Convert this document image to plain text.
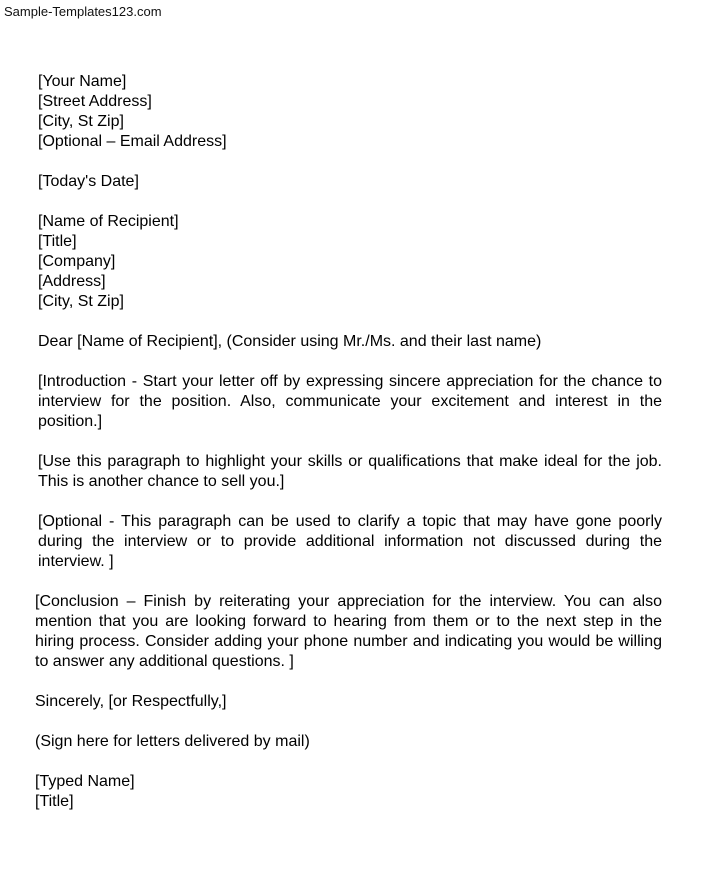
Sample-Templates123.com
[Your Name]
[Street Address]
[City, St Zip]
[Optional – Email Address]
[Today's Date]
[Name of Recipient]
[Title]
[Company]
[Address]
[City, St Zip]
Dear [Name of Recipient], (Consider using Mr./Ms. and their last name)

[Introduction - Start your letter off by expressing sincere appreciation for the chance to interview for the position. Also, communicate your excitement and interest in the position.]

[Use this paragraph to highlight your skills or qualifications that make ideal for the job. This is another chance to sell you.]

[Optional - This paragraph can be used to clarify a topic that may have gone poorly during the interview or to provide additional information not discussed during the interview. ]

[Conclusion – Finish by reiterating your appreciation for the interview. You can also mention that you are looking forward to hearing from them or to the next step in the hiring process. Consider adding your phone number and indicating you would be willing to answer any additional questions. ]

Sincerely, [or Respectfully,]
(Sign here for letters delivered by mail)
[Typed Name]
[Title]
